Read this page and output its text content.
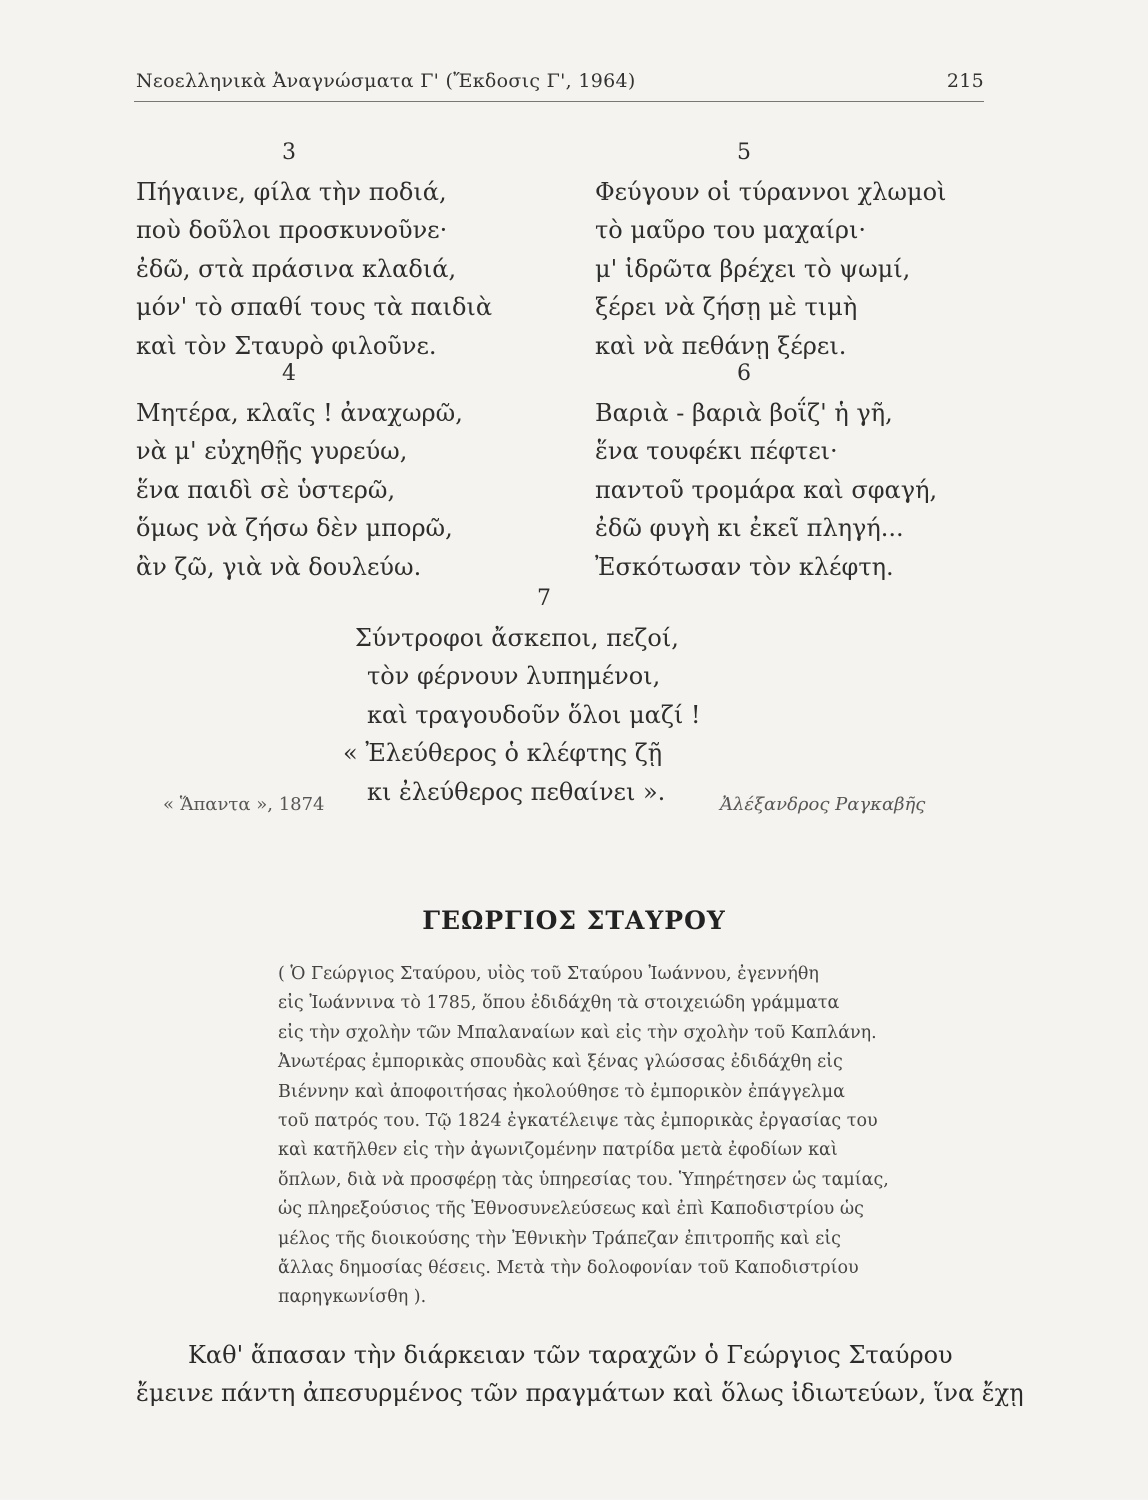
Νεοελληνικὰ Ἀναγνώσματα Γ' (Ἔκδοσις Γ', 1964)	215
3
Πήγαινε, φίλα τὴν ποδιά,
ποὺ δοῦλοι προσκυνοῦνε·
ἐδῶ, στὰ πράσινα κλαδιά,
μόν' τὸ σπαθί τους τὰ παιδιὰ
καὶ τὸν Σταυρὸ φιλοῦνε.
4
Μητέρα, κλαῖς ! ἀναχωρῶ,
νὰ μ' εὐχηθῇς γυρεύω,
ἕνα παιδὶ σὲ ὑστερῶ,
ὅμως νὰ ζήσω δὲν μπορῶ,
ἂν ζῶ, γιὰ νὰ δουλεύω.
5
Φεύγουν οἱ τύραννοι χλωμοὶ
τὸ μαῦρο του μαχαίρι·
μ' ἱδρῶτα βρέχει τὸ ψωμί,
ξέρει νὰ ζήσῃ μὲ τιμὴ
καὶ νὰ πεθάνῃ ξέρει.
6
Βαριὰ - βαριὰ βοΐζ' ἡ γῆ,
ἕνα τουφέκι πέφτει·
παντοῦ τρομάρα καὶ σφαγή,
ἐδῶ φυγὴ κι ἐκεῖ πληγή...
Ἐσκότωσαν τὸν κλέφτη.
7
Σύντροφοι ἄσκεποι, πεζοί,
τὸν φέρνουν λυπημένοι,
καὶ τραγουδοῦν ὅλοι μαζί !
« Ἐλεύθερος ὁ κλέφτης ζῇ
κι ἐλεύθερος πεθαίνει ».
« Ἅπαντα », 1874	Ἀλέξανδρος Ραγκαβῆς
ΓΕΩΡΓΙΟΣ ΣΤΑΥΡΟΥ
( Ὁ Γεώργιος Σταύρου, υἱὸς τοῦ Σταύρου Ἰωάννου, ἐγεννήθη
εἰς Ἰωάννινα τὸ 1785, ὅπου ἐδιδάχθη τὰ στοιχειώδη γράμματα
εἰς τὴν σχολὴν τῶν Μπαλαναίων καὶ εἰς τὴν σχολὴν τοῦ Καπλάνη.
Ἀνωτέρας ἐμπορικὰς σπουδὰς καὶ ξένας γλώσσας ἐδιδάχθη εἰς
Βιέννην καὶ ἀποφοιτήσας ἠκολούθησε τὸ ἐμπορικὸν ἐπάγγελμα
τοῦ πατρός του. Τῷ 1824 ἐγκατέλειψε τὰς ἐμπορικὰς ἐργασίας του
καὶ κατῆλθεν εἰς τὴν ἀγωνιζομένην πατρίδα μετὰ ἐφοδίων καὶ
ὅπλων, διὰ νὰ προσφέρῃ τὰς ὑπηρεσίας του. Ὑπηρέτησεν ὡς ταμίας,
ὡς πληρεξούσιος τῆς Ἐθνοσυνελεύσεως καὶ ἐπὶ Καποδιστρίου ὡς
μέλος τῆς διοικούσης τὴν Ἐθνικὴν Τράπεζαν ἐπιτροπῆς καὶ εἰς
ἄλλας δημοσίας θέσεις. Μετὰ τὴν δολοφονίαν τοῦ Καποδιστρίου
παρηγκωνίσθη ).
Καθ' ἅπασαν τὴν διάρκειαν τῶν ταραχῶν ὁ Γεώργιος Σταύρου
ἔμεινε πάντη ἀπεσυρμένος τῶν πραγμάτων καὶ ὅλως ἰδιωτεύων, ἵνα ἔχῃ
